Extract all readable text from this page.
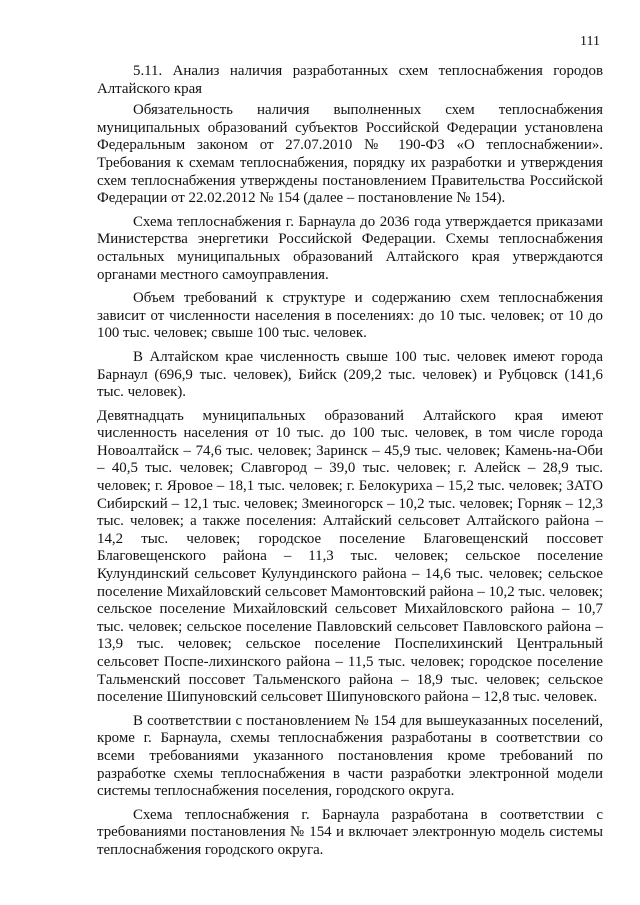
111

5.11. Анализ наличия разработанных схем теплоснабжения городов Алтайского края

Обязательность наличия выполненных схем теплоснабжения муниципальных образований субъектов Российской Федерации установлена Федеральным законом от 27.07.2010 № 190-ФЗ «О теплоснабжении». Требования к схемам теплоснабжения, порядку их разработки и утверждения схем теплоснабжения утверждены постановлением Правительства Российской Федерации от 22.02.2012 № 154 (далее – постановление № 154).

Схема теплоснабжения г. Барнаула до 2036 года утверждается приказами Министерства энергетики Российской Федерации. Схемы теплоснабжения остальных муниципальных образований Алтайского края утверждаются органами местного самоуправления.

Объем требований к структуре и содержанию схем теплоснабжения зависит от численности населения в поселениях: до 10 тыс. человек; от 10 до 100 тыс. человек; свыше 100 тыс. человек.

В Алтайском крае численность свыше 100 тыс. человек имеют города Барнаул (696,9 тыс. человек), Бийск (209,2 тыс. человек) и Рубцовск (141,6 тыс. человек).

Девятнадцать муниципальных образований Алтайского края имеют численность населения от 10 тыс. до 100 тыс. человек, в том числе города Новоалтайск – 74,6 тыс. человек; Заринск – 45,9 тыс. человек; Камень-на-Оби – 40,5 тыс. человек; Славгород – 39,0 тыс. человек; г. Алейск – 28,9 тыс. человек; г. Яровое – 18,1 тыс. человек; г. Белокуриха – 15,2 тыс. человек; ЗАТО Сибирский – 12,1 тыс. человек; Змеиногорск – 10,2 тыс. человек; Горняк – 12,3 тыс. человек; а также поселения: Алтайский сельсовет Алтайского района – 14,2 тыс. человек; городское поселение Благовещенский поссовет Благовещенского района – 11,3 тыс. человек; сельское поселение Кулундинский сельсовет Кулундинского района – 14,6 тыс. человек; сельское поселение Михайловский сельсовет Мамонтовский района – 10,2 тыс. человек; сельское поселение Михайловский сельсовет Михайловского района – 10,7 тыс. человек; сельское поселение Павловский сельсовет Павловского района – 13,9 тыс. человек; сельское поселение Поспелихинский Центральный сельсовет Поспе-лихинского района – 11,5 тыс. человек; городское поселение Тальменский поссовет Тальменского района – 18,9 тыс. человек; сельское поселение Шипуновский сельсовет Шипуновского района – 12,8 тыс. человек.

В соответствии с постановлением № 154 для вышеуказанных поселений, кроме г. Барнаула, схемы теплоснабжения разработаны в соответствии со всеми требованиями указанного постановления кроме требований по разработке схемы теплоснабжения в части разработки электронной модели системы теплоснабжения поселения, городского округа.

Схема теплоснабжения г. Барнаула разработана в соответствии с требованиями постановления № 154 и включает электронную модель системы теплоснабжения городского округа.
